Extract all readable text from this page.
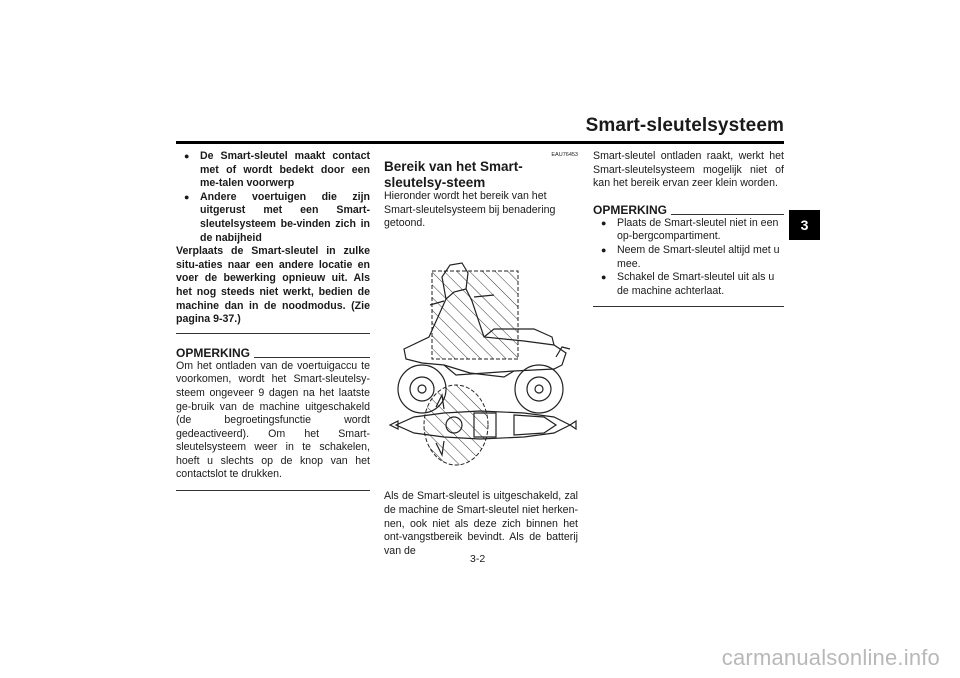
Smart-sleutelsysteem
3
● De Smart-sleutel maakt contact met of wordt bedekt door een me-talen voorwerp
● Andere voertuigen die zijn uitgerust met een Smart-sleutelsysteem be-vinden zich in de nabijheid

Verplaats de Smart-sleutel in zulke situ-aties naar een andere locatie en voer de bewerking opnieuw uit. Als het nog steeds niet werkt, bedien de machine dan in de noodmodus. (Zie pagina 9-37.)

OPMERKING

Om het ontladen van de voertuigaccu te voorkomen, wordt het Smart-sleutelsy-steem ongeveer 9 dagen na het laatste ge-bruik van de machine uitgeschakeld (de begroetingsfunctie wordt gedeactiveerd). Om het Smart-sleutelsysteem weer in te schakelen, hoeft u slechts op de knop van het contactslot te drukken.

EAU76453
Bereik van het Smart-sleutelsy-steem

Hieronder wordt het bereik van het Smart-sleutelsysteem bij benadering getoond.

Als de Smart-sleutel is uitgeschakeld, zal de machine de Smart-sleutel niet herken-nen, ook niet als deze zich binnen het ont-vangstbereik bevindt. Als de batterij van de

Smart-sleutel ontladen raakt, werkt het Smart-sleutelsysteem mogelijk niet of kan het bereik ervan zeer klein worden.

OPMERKING
● Plaats de Smart-sleutel niet in een op-bergcompartiment.
● Neem de Smart-sleutel altijd met u mee.
● Schakel de Smart-sleutel uit als u de machine achterlaat.
3-2
carmanualsonline.info
